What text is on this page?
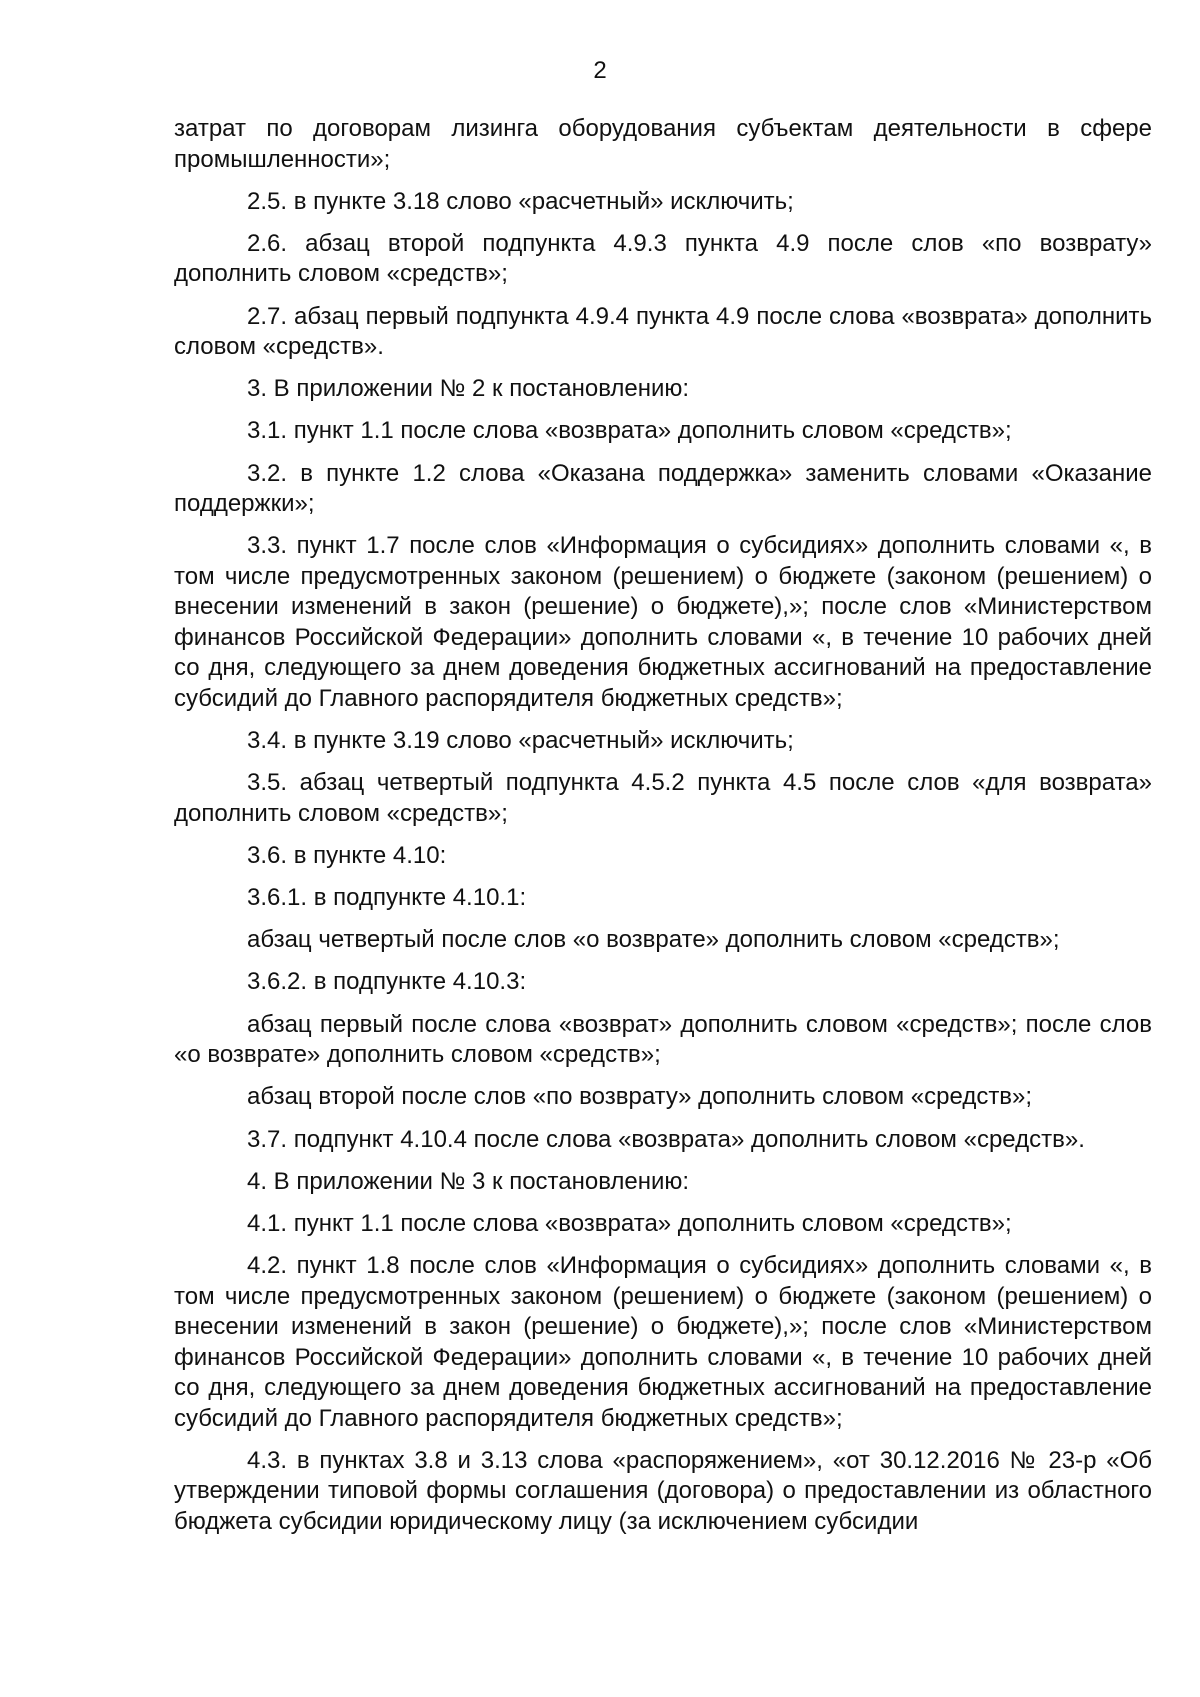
2

затрат по договорам лизинга оборудования субъектам деятельности в сфере промышленности»;

2.5. в пункте 3.18 слово «расчетный» исключить;

2.6. абзац второй подпункта 4.9.3 пункта 4.9 после слов «по возврату» дополнить словом «средств»;

2.7. абзац первый подпункта 4.9.4 пункта 4.9 после слова «возврата» дополнить словом «средств».

3. В приложении № 2 к постановлению:

3.1. пункт 1.1 после слова «возврата» дополнить словом «средств»;

3.2. в пункте 1.2 слова «Оказана поддержка» заменить словами «Оказание поддержки»;

3.3. пункт 1.7 после слов «Информация о субсидиях» дополнить словами «, в том числе предусмотренных законом (решением) о бюджете (законом (решением) о внесении изменений в закон (решение) о бюджете),»; после слов «Министерством финансов Российской Федерации» дополнить словами «, в течение 10 рабочих дней со дня, следующего за днем доведения бюджетных ассигнований на предоставление субсидий до Главного распорядителя бюджетных средств»;

3.4. в пункте 3.19 слово «расчетный» исключить;

3.5. абзац четвертый подпункта 4.5.2 пункта 4.5 после слов «для возврата» дополнить словом «средств»;

3.6. в пункте 4.10:

3.6.1. в подпункте 4.10.1:

абзац четвертый после слов «о возврате» дополнить словом «средств»;

3.6.2. в подпункте 4.10.3:

абзац первый после слова «возврат» дополнить словом «средств»; после слов «о возврате» дополнить словом «средств»;

абзац второй после слов «по возврату» дополнить словом «средств»;

3.7. подпункт 4.10.4 после слова «возврата» дополнить словом «средств».

4. В приложении № 3 к постановлению:

4.1. пункт 1.1 после слова «возврата» дополнить словом «средств»;

4.2. пункт 1.8 после слов «Информация о субсидиях» дополнить словами «, в том числе предусмотренных законом (решением) о бюджете (законом (решением) о внесении изменений в закон (решение) о бюджете),»; после слов «Министерством финансов Российской Федерации» дополнить словами «, в течение 10 рабочих дней со дня, следующего за днем доведения бюджетных ассигнований на предоставление субсидий до Главного распорядителя бюджетных средств»;

4.3. в пунктах 3.8 и 3.13 слова «распоряжением», «от 30.12.2016 № 23-р «Об утверждении типовой формы соглашения (договора) о предоставлении из областного бюджета субсидии юридическому лицу (за исключением субсидии
